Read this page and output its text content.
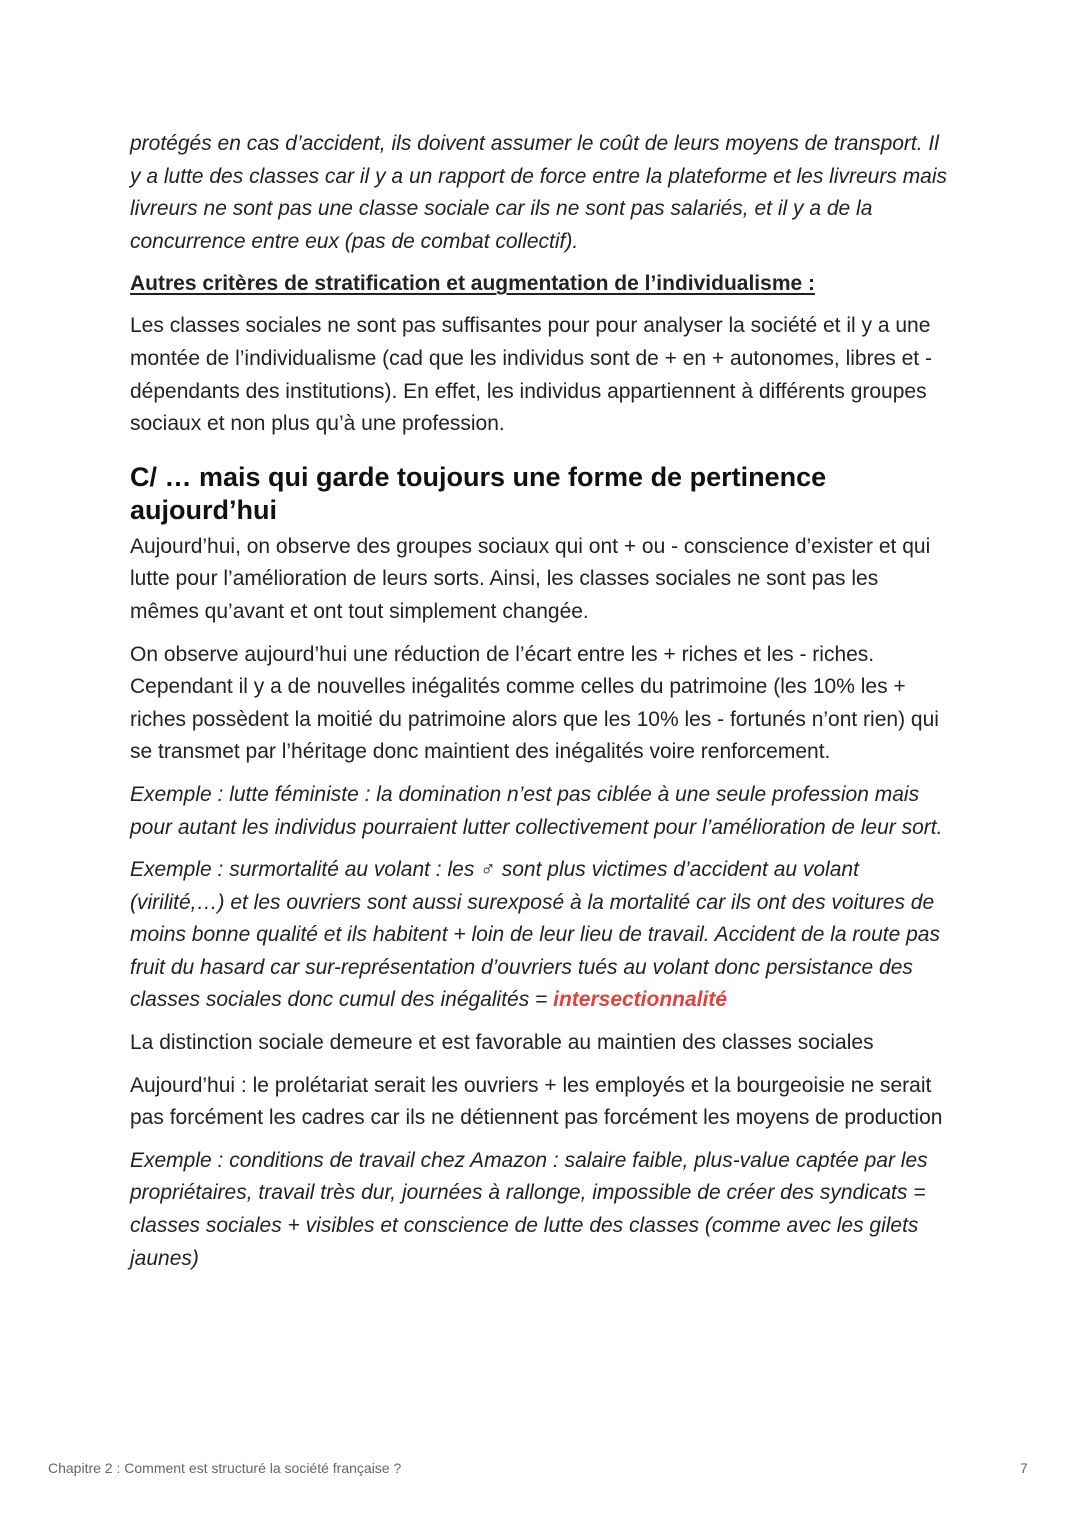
protégés en cas d’accident, ils doivent assumer le coût de leurs moyens de transport. Il y a lutte des classes car il y a un rapport de force entre la plateforme et les livreurs mais livreurs ne sont pas une classe sociale car ils ne sont pas salariés, et il y a de la concurrence entre eux (pas de combat collectif).

Autres critères de stratification et augmentation de l’individualisme :

Les classes sociales ne sont pas suffisantes pour pour analyser la société et il y a une montée de l’individualisme (cad que les individus sont de + en + autonomes, libres et - dépendants des institutions). En effet, les individus appartiennent à différents groupes sociaux et non plus qu’à une profession.

C/ … mais qui garde toujours une forme de pertinence aujourd’hui

Aujourd’hui, on observe des groupes sociaux qui ont + ou - conscience d’exister et qui lutte pour l’amélioration de leurs sorts. Ainsi, les classes sociales ne sont pas les mêmes qu’avant et ont tout simplement changée.

On observe aujourd’hui une réduction de l’écart entre les + riches et les - riches. Cependant il y a de nouvelles inégalités comme celles du patrimoine (les 10% les + riches possèdent la moitié du patrimoine alors que les 10% les - fortunés n’ont rien) qui se transmet par l’héritage donc maintient des inégalités voire renforcement.

Exemple : lutte féministe : la domination n’est pas ciblée à une seule profession mais pour autant les individus pourraient lutter collectivement pour l’amélioration de leur sort.

Exemple : surmortalité au volant : les ♂ sont plus victimes d’accident au volant (virilité,…) et les ouvriers sont aussi surexposé à la mortalité car ils ont des voitures de moins bonne qualité et ils habitent + loin de leur lieu de travail. Accident de la route pas fruit du hasard car sur-représentation d’ouvriers tués au volant donc persistance des classes sociales donc cumul des inégalités = intersectionnalité

La distinction sociale demeure et est favorable au maintien des classes sociales

Aujourd’hui : le prolétariat serait les ouvriers + les employés et la bourgeoisie ne serait pas forcément les cadres car ils ne détiennent pas forcément les moyens de production

Exemple : conditions de travail chez Amazon : salaire faible, plus-value captée par les propriétaires, travail très dur, journées à rallonge, impossible de créer des syndicats = classes sociales + visibles et conscience de lutte des classes (comme avec les gilets jaunes)

Chapitre 2 : Comment est structuré la société française ?	7
